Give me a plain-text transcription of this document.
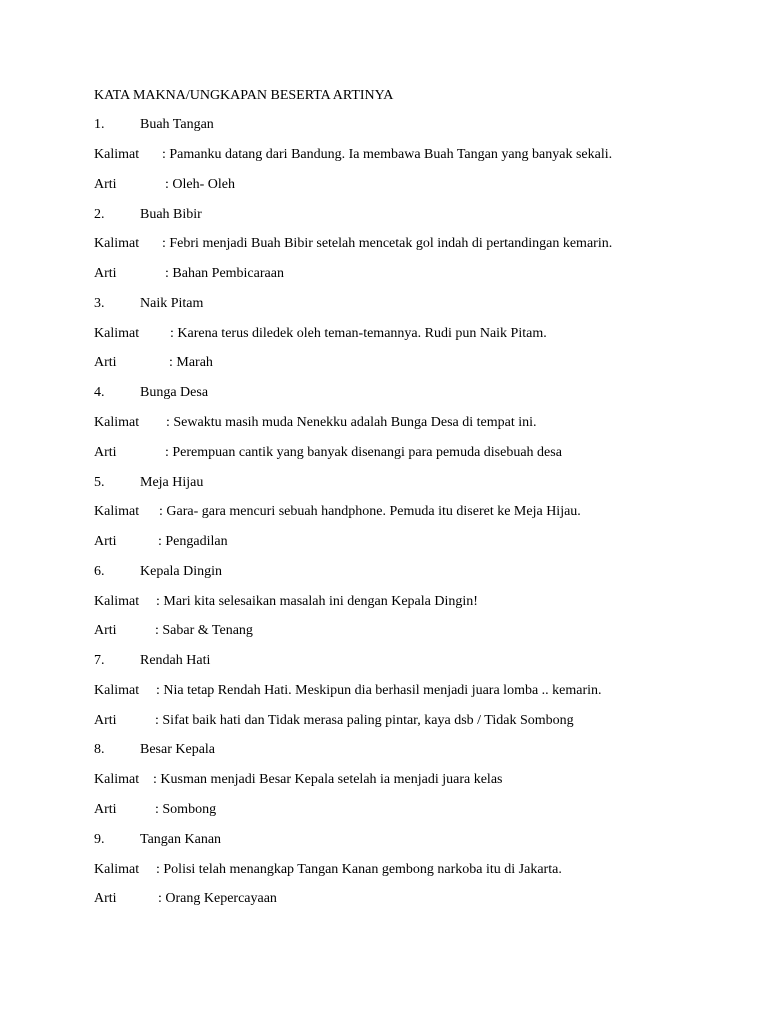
KATA MAKNA/UNGKAPAN BESERTA ARTINYA
1.	Buah Tangan
Kalimat : Pamanku datang dari Bandung. Ia membawa Buah Tangan yang banyak sekali.
Arti	: Oleh- Oleh
2.	Buah Bibir
Kalimat : Febri menjadi Buah Bibir setelah mencetak gol indah di pertandingan kemarin.
Arti	: Bahan Pembicaraan
3.	Naik Pitam
Kalimat : Karena terus diledek oleh teman-temannya. Rudi pun Naik Pitam.
Arti	: Marah
4.	Bunga Desa
Kalimat : Sewaktu masih muda Nenekku adalah Bunga Desa di tempat ini.
Arti	: Perempuan cantik yang banyak disenangi para pemuda disebuah desa
5.	Meja Hijau
Kalimat : Gara- gara mencuri sebuah handphone. Pemuda itu diseret ke Meja Hijau.
Arti	: Pengadilan
6.	Kepala Dingin
Kalimat : Mari kita selesaikan masalah ini dengan Kepala Dingin!
Arti	: Sabar & Tenang
7.	Rendah Hati
Kalimat : Nia tetap Rendah Hati. Meskipun dia berhasil menjadi juara lomba .. kemarin.
Arti	: Sifat baik hati dan Tidak merasa paling pintar, kaya dsb / Tidak Sombong
8.	Besar Kepala
Kalimat : Kusman menjadi Besar Kepala setelah ia menjadi juara kelas
Arti	: Sombong
9.	Tangan Kanan
Kalimat : Polisi telah menangkap Tangan Kanan gembong narkoba itu di Jakarta.
Arti	: Orang Kepercayaan
